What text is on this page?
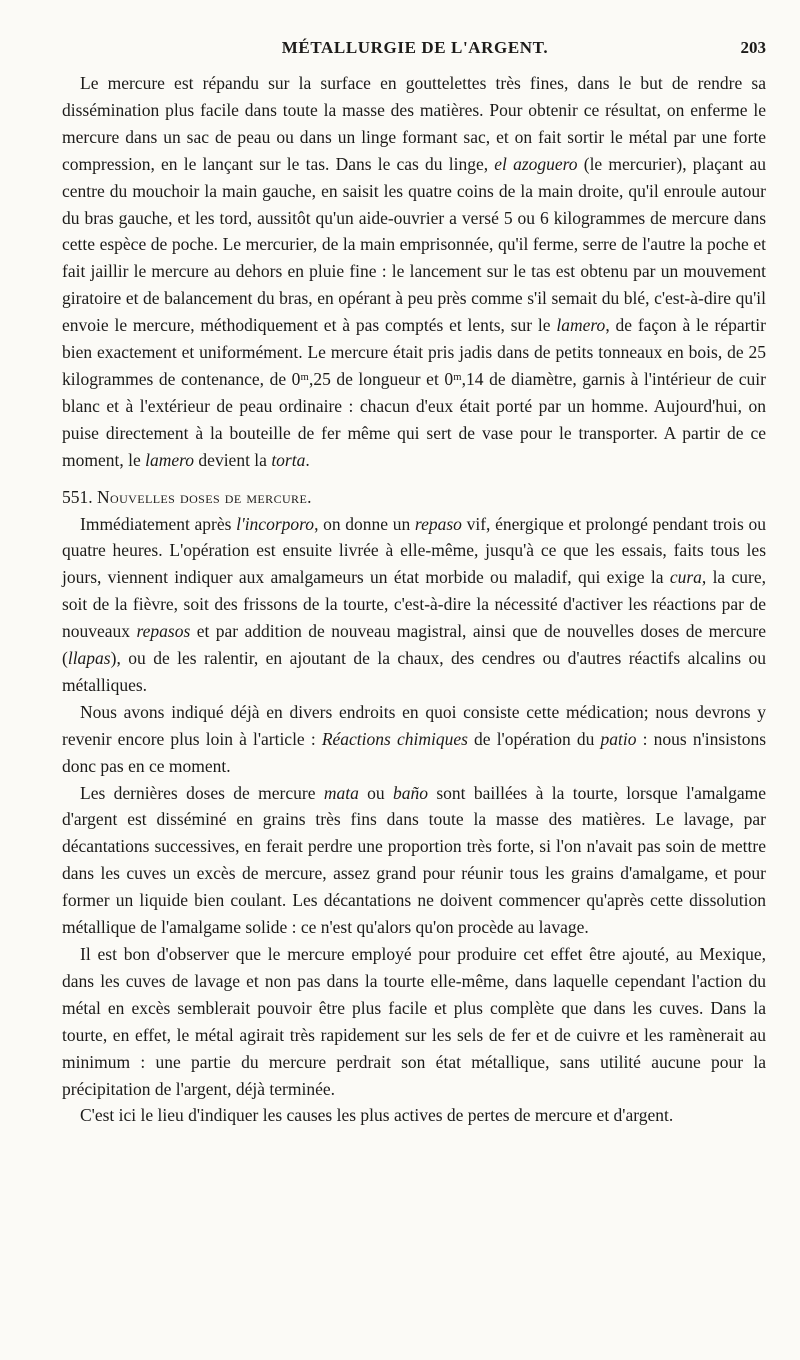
MÉTALLURGIE DE L'ARGENT.	203

Le mercure est répandu sur la surface en gouttelettes très fines, dans le but de rendre sa dissémination plus facile dans toute la masse des matières. Pour obtenir ce résultat, on enferme le mercure dans un sac de peau ou dans un linge formant sac, et on fait sortir le métal par une forte compression, en le lançant sur le tas. Dans le cas du linge, el azoguero (le mercurier), plaçant au centre du mouchoir la main gauche, en saisit les quatre coins de la main droite, qu'il enroule autour du bras gauche, et les tord, aussitôt qu'un aide-ouvrier a versé 5 ou 6 kilogrammes de mercure dans cette espèce de poche. Le mercurier, de la main emprisonnée, qu'il ferme, serre de l'autre la poche et fait jaillir le mercure au dehors en pluie fine : le lancement sur le tas est obtenu par un mouvement giratoire et de balancement du bras, en opérant à peu près comme s'il semait du blé, c'est-à-dire qu'il envoie le mercure, méthodiquement et à pas comptés et lents, sur le lamero, de façon à le répartir bien exactement et uniformément. Le mercure était pris jadis dans de petits tonneaux en bois, de 25 kilogrammes de contenance, de 0ᵐ,25 de longueur et 0ᵐ,14 de diamètre, garnis à l'intérieur de cuir blanc et à l'extérieur de peau ordinaire : chacun d'eux était porté par un homme. Aujourd'hui, on puise directement à la bouteille de fer même qui sert de vase pour le transporter. A partir de ce moment, le lamero devient la torta.

551. Nouvelles doses de mercure.

Immédiatement après l'incorporo, on donne un repaso vif, énergique et prolongé pendant trois ou quatre heures. L'opération est ensuite livrée à elle-même, jusqu'à ce que les essais, faits tous les jours, viennent indiquer aux amalgameurs un état morbide ou maladif, qui exige la cura, la cure, soit de la fièvre, soit des frissons de la tourte, c'est-à-dire la nécessité d'activer les réactions par de nouveaux repasos et par addition de nouveau magistral, ainsi que de nouvelles doses de mercure (llapas), ou de les ralentir, en ajoutant de la chaux, des cendres ou d'autres réactifs alcalins ou métalliques.

Nous avons indiqué déjà en divers endroits en quoi consiste cette médication; nous devrons y revenir encore plus loin à l'article : Réactions chimiques de l'opération du patio : nous n'insistons donc pas en ce moment.

Les dernières doses de mercure mata ou baño sont baillées à la tourte, lorsque l'amalgame d'argent est disséminé en grains très fins dans toute la masse des matières. Le lavage, par décantations successives, en ferait perdre une proportion très forte, si l'on n'avait pas soin de mettre dans les cuves un excès de mercure, assez grand pour réunir tous les grains d'amalgame, et pour former un liquide bien coulant. Les décantations ne doivent commencer qu'après cette dissolution métallique de l'amalgame solide : ce n'est qu'alors qu'on procède au lavage.

Il est bon d'observer que le mercure employé pour produire cet effet être ajouté, au Mexique, dans les cuves de lavage et non pas dans la tourte elle-même, dans laquelle cependant l'action du métal en excès semblerait pouvoir être plus facile et plus complète que dans les cuves. Dans la tourte, en effet, le métal agirait très rapidement sur les sels de fer et de cuivre et les ramènerait au minimum : une partie du mercure perdrait son état métallique, sans utilité aucune pour la précipitation de l'argent, déjà terminée.

C'est ici le lieu d'indiquer les causes les plus actives de pertes de mercure et d'argent.
